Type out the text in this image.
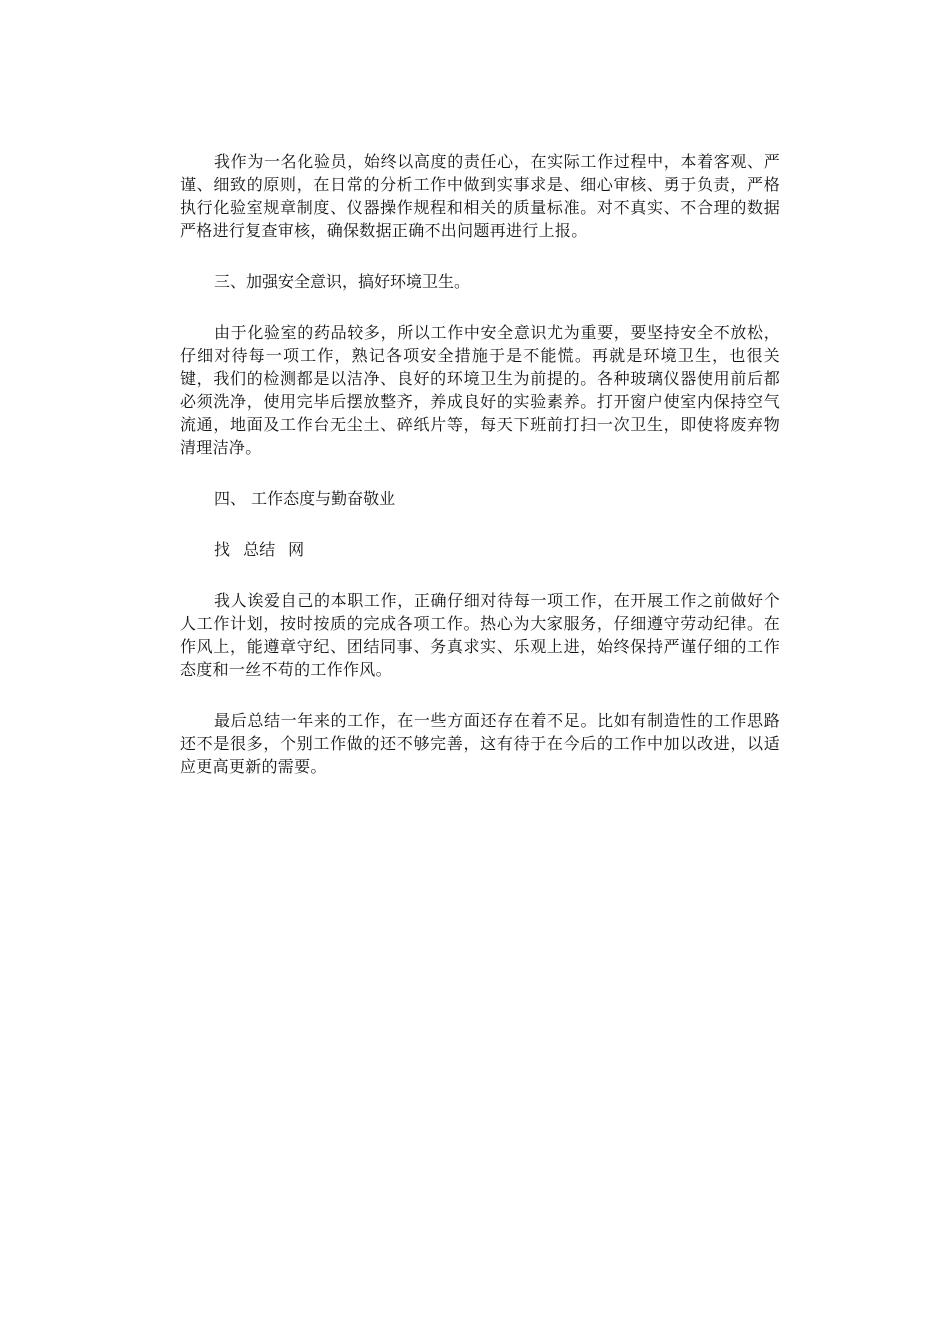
我作为一名化验员，始终以高度的责任心，在实际工作过程中，本着客观、严谨、细致的原则，在日常的分析工作中做到实事求是、细心审核、勇于负责，严格执行化验室规章制度、仪器操作规程和相关的质量标准。对不真实、不合理的数据严格进行复查审核，确保数据正确不出问题再进行上报。

三、加强安全意识，搞好环境卫生。

由于化验室的药品较多，所以工作中安全意识尤为重要，要坚持安全不放松，仔细对待每一项工作，熟记各项安全措施于是不能慌。再就是环境卫生，也很关键，我们的检测都是以洁净、良好的环境卫生为前提的。各种玻璃仪器使用前后都必须洗净，使用完毕后摆放整齐，养成良好的实验素养。打开窗户使室内保持空气流通，地面及工作台无尘土、碎纸片等，每天下班前打扫一次卫生，即使将废弃物清理洁净。

四、 工作态度与勤奋敬业

找 总结 网

我人诶爱自己的本职工作，正确仔细对待每一项工作，在开展工作之前做好个人工作计划，按时按质的完成各项工作。热心为大家服务，仔细遵守劳动纪律。在作风上，能遵章守纪、团结同事、务真求实、乐观上进，始终保持严谨仔细的工作态度和一丝不苟的工作作风。

最后总结一年来的工作，在一些方面还存在着不足。比如有制造性的工作思路还不是很多，个别工作做的还不够完善，这有待于在今后的工作中加以改进，以适应更高更新的需要。
